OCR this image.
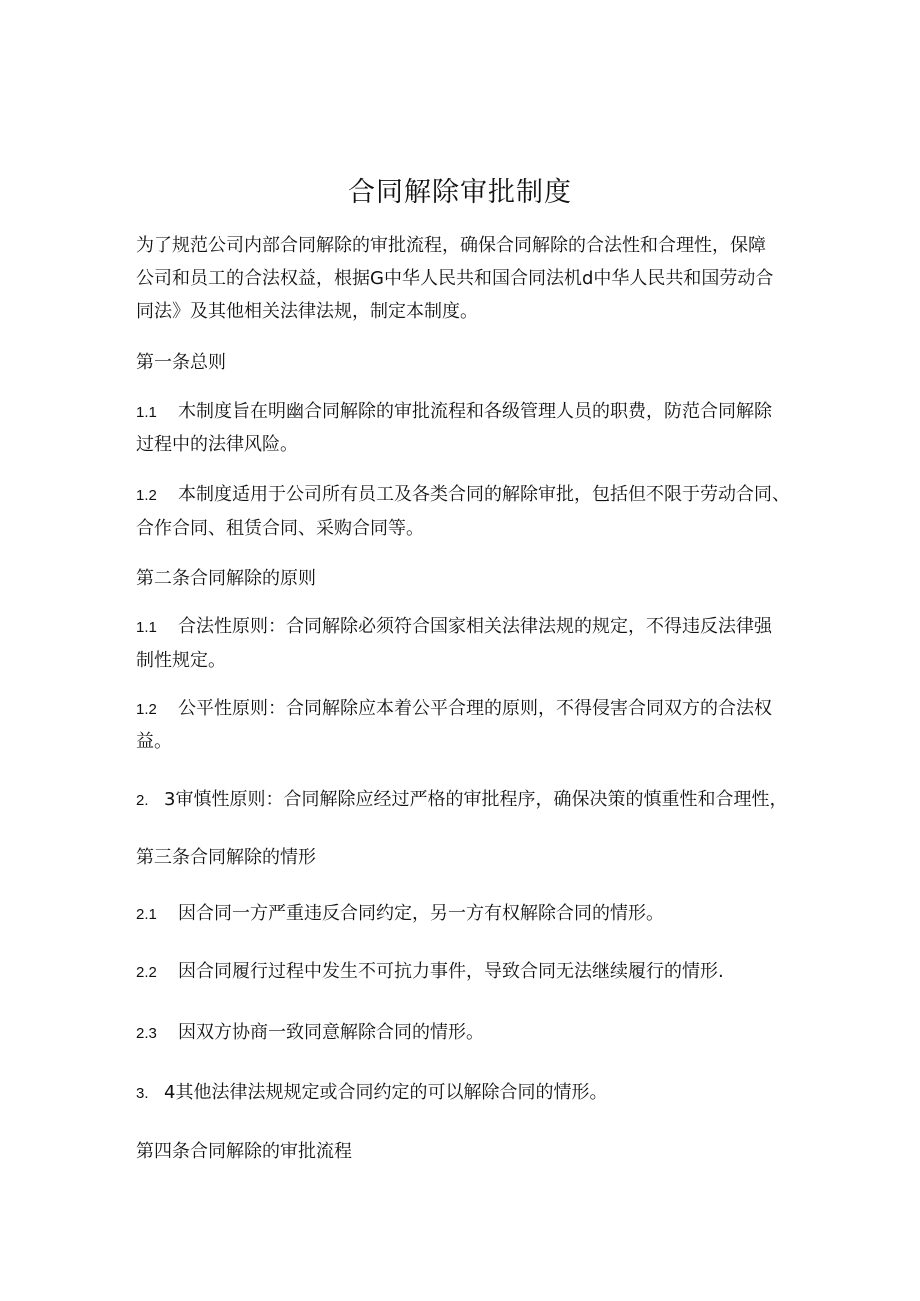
合同解除审批制度
为了规范公司内部合同解除的审批流程，确保合同解除的合法性和合理性，保障
公司和员工的合法权益，根据G中华人民共和国合同法机d中华人民共和国劳动合
同法》及其他相关法律法规，制定本制度。
第一条总则
1.1 木制度旨在明幽合同解除的审批流程和各级管理人员的职费，防范合同解除
过程中的法律风险。
1.2 本制度适用于公司所有员工及各类合同的解除审批，包括但不限于劳动合同、
合作合同、租赁合同、采购合同等。
第二条合同解除的原则
1.1 合法性原则：合同解除必须符合国家相关法律法规的规定，不得违反法律强
制性规定。
1.2 公平性原则：合同解除应本着公平合理的原则，不得侵害合同双方的合法权
益。
2. 3审慎性原则：合同解除应经过严格的审批程序，确保决策的慎重性和合理性，
第三条合同解除的情形
2.1 因合同一方严重违反合同约定，另一方有权解除合同的情形。
2.2 因合同履行过程中发生不可抗力事件，导致合同无法继续履行的情形.
2.3 因双方协商一致同意解除合同的情形。
3. 4其他法律法规规定或合同约定的可以解除合同的情形。
第四条合同解除的审批流程
